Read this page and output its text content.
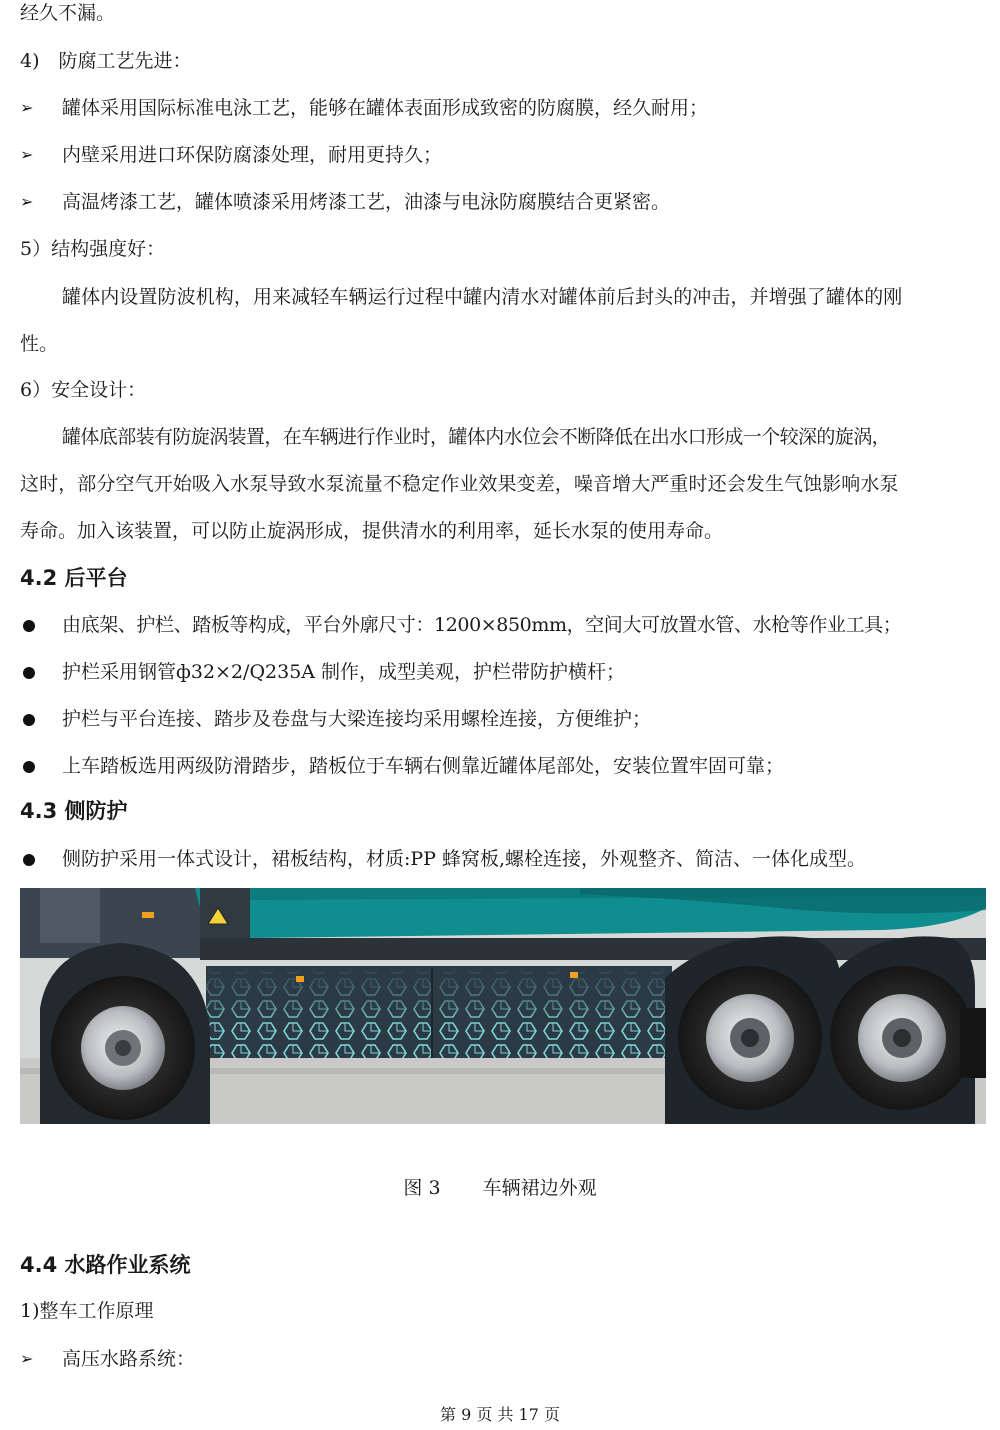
经久不漏。
4)　防腐工艺先进：
➢	罐体采用国际标准电泳工艺，能够在罐体表面形成致密的防腐膜，经久耐用；
➢	内壁采用进口环保防腐漆处理，耐用更持久；
➢	高温烤漆工艺，罐体喷漆采用烤漆工艺，油漆与电泳防腐膜结合更紧密。
5）结构强度好：
罐体内设置防波机构，用来减轻车辆运行过程中罐内清水对罐体前后封头的冲击，并增强了罐体的刚
性。
6）安全设计：
罐体底部装有防旋涡装置，在车辆进行作业时，罐体内水位会不断降低在出水口形成一个较深的旋涡，
这时，部分空气开始吸入水泵导致水泵流量不稳定作业效果变差，噪音增大严重时还会发生气蚀影响水泵
寿命。加入该装置，可以防止旋涡形成，提供清水的利用率，延长水泵的使用寿命。
4.2 后平台
由底架、护栏、踏板等构成，平台外廓尺寸：1200×850mm，空间大可放置水管、水枪等作业工具；
护栏采用钢管ф32×2/Q235A 制作，成型美观，护栏带防护横杆；
护栏与平台连接、踏步及卷盘与大梁连接均采用螺栓连接，方便维护；
上车踏板选用两级防滑踏步，踏板位于车辆右侧靠近罐体尾部处，安装位置牢固可靠；
4.3 侧防护
侧防护采用一体式设计，裙板结构，材质:PP 蜂窝板,螺栓连接，外观整齐、简洁、一体化成型。
图 3 车辆裙边外观
4.4 水路作业系统
1)整车工作原理
➢	高压水路系统：
第 9 页 共 17 页
